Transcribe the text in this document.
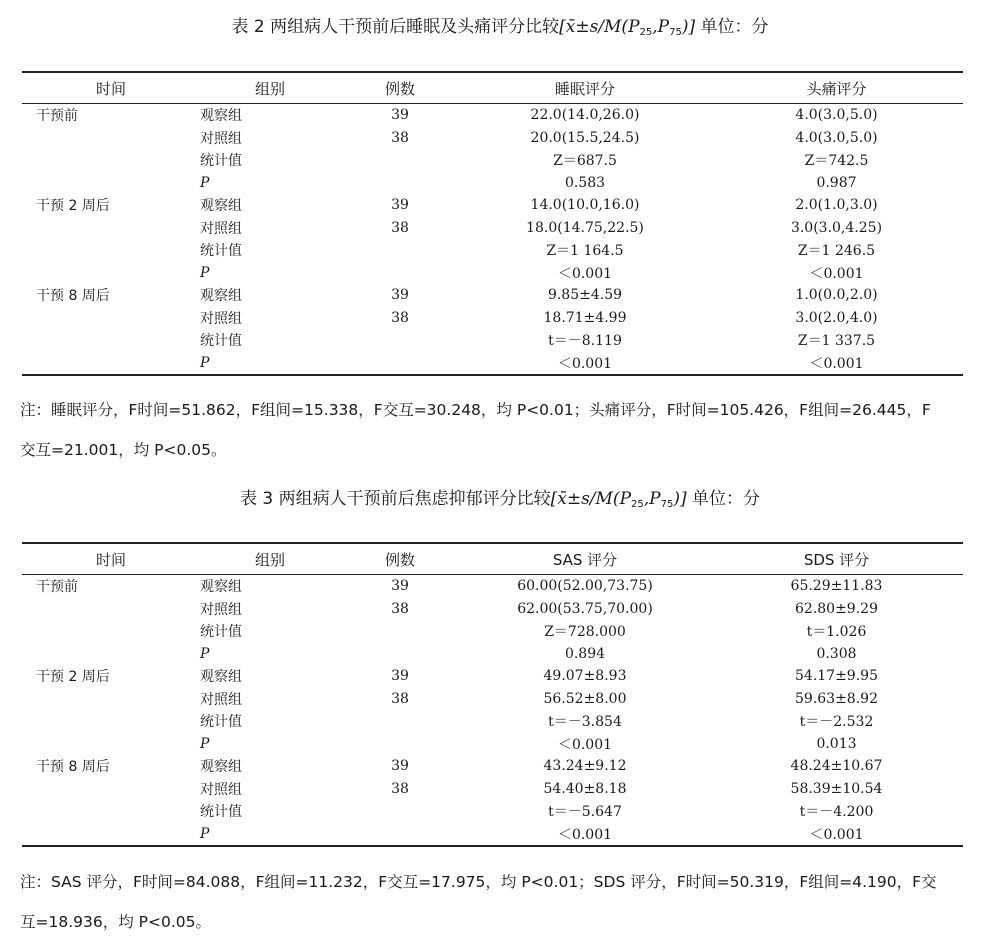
表 2 两组病人干预前后睡眠及头痛评分比较$[x̄\pm s/M(P_{25},P_{75})]$ 单位：分
时间	组别	例数	睡眠评分	头痛评分
干预前	观察组	39	22.0(14.0,26.0)	4.0(3.0,5.0)
	对照组	38	20.0(15.5,24.5)	4.0(3.0,5.0)
	统计值		Z＝687.5	Z＝742.5
	P		0.583	0.987
干预 2 周后	观察组	39	14.0(10.0,16.0)	2.0(1.0,3.0)
	对照组	38	18.0(14.75,22.5)	3.0(3.0,4.25)
	统计值		Z＝1 164.5	Z＝1 246.5
	P		＜0.001	＜0.001
干预 8 周后	观察组	39	9.85±4.59	1.0(0.0,2.0)
	对照组	38	18.71±4.99	3.0(2.0,4.0)
	统计值		t＝－8.119	Z＝1 337.5
	P		＜0.001	＜0.001
注：睡眠评分，F时间=51.862，F组间=15.338，F交互=30.248，均 P<0.01；头痛评分，F时间=105.426，F组间=26.445，F
交互=21.001，均 P<0.05。
表 3 两组病人干预前后焦虑抑郁评分比较$[x̄\pm s/M(P_{25},P_{75})]$ 单位：分
时间	组别	例数	SAS 评分	SDS 评分
干预前	观察组	39	60.00(52.00,73.75)	65.29±11.83
	对照组	38	62.00(53.75,70.00)	62.80±9.29
	统计值		Z＝728.000	t＝1.026
	P		0.894	0.308
干预 2 周后	观察组	39	49.07±8.93	54.17±9.95
	对照组	38	56.52±8.00	59.63±8.92
	统计值		t＝－3.854	t＝－2.532
	P		＜0.001	0.013
干预 8 周后	观察组	39	43.24±9.12	48.24±10.67
	对照组	38	54.40±8.18	58.39±10.54
	统计值		t＝－5.647	t＝－4.200
	P		＜0.001	＜0.001
注：SAS 评分，F时间=84.088，F组间=11.232，F交互=17.975，均 P<0.01；SDS 评分，F时间=50.319，F组间=4.190，F交
互=18.936，均 P<0.05。
